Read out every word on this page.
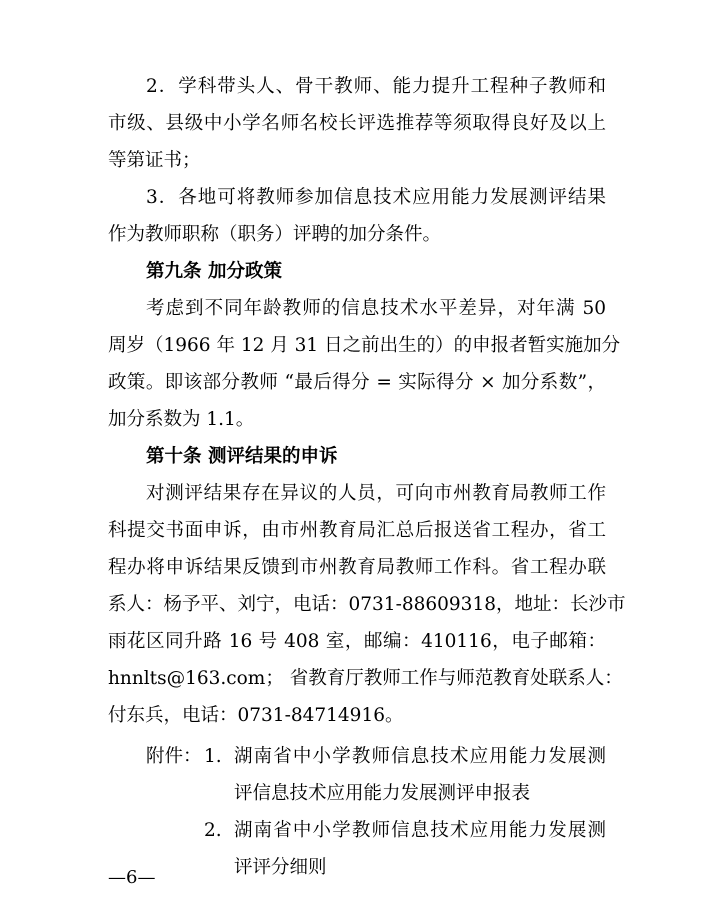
2．学科带头人、骨干教师、能力提升工程种子教师和
市级、县级中小学名师名校长评选推荐等须取得良好及以上
等第证书；
3．各地可将教师参加信息技术应用能力发展测评结果
作为教师职称（职务）评聘的加分条件。
第九条 加分政策
考虑到不同年龄教师的信息技术水平差异，对年满 50
周岁（1966 年 12 月 31 日之前出生的）的申报者暂实施加分
政策。即该部分教师 “最后得分 = 实际得分 × 加分系数”，
加分系数为 1.1。
第十条 测评结果的申诉
对测评结果存在异议的人员，可向市州教育局教师工作
科提交书面申诉，由市州教育局汇总后报送省工程办，省工
程办将申诉结果反馈到市州教育局教师工作科。省工程办联
系人：杨予平、刘宁，电话：0731-88609318，地址：长沙市
雨花区同升路 16 号 408 室，邮编：410116，电子邮箱：
hnnlts@163.com； 省教育厅教师工作与师范教育处联系人：
付东兵，电话：0731-84714916。
附件： 1. 湖南省中小学教师信息技术应用能力发展测
评信息技术应用能力发展测评申报表
2. 湖南省中小学教师信息技术应用能力发展测
评评分细则
—6—
